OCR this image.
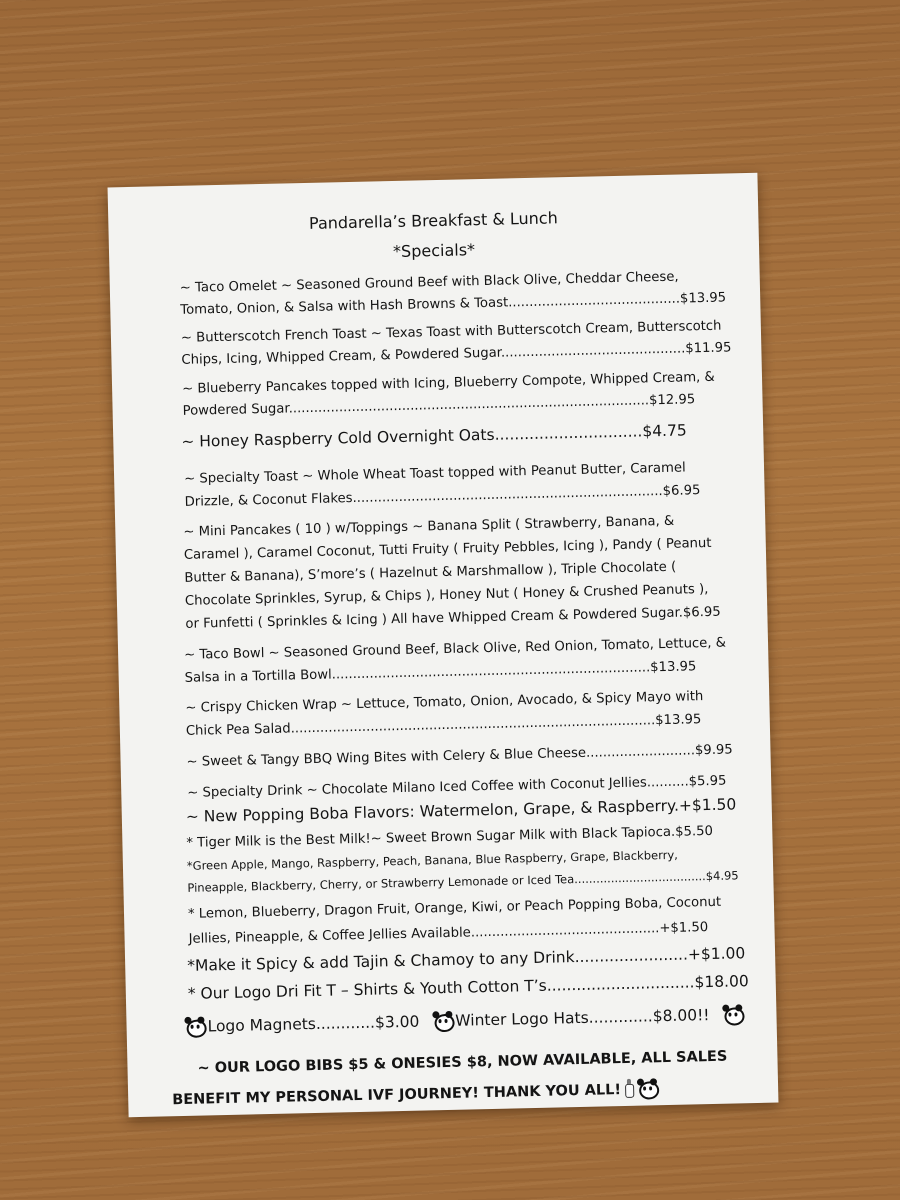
Pandarella’s Breakfast & Lunch
*Specials*
~ Taco Omelet ~ Seasoned Ground Beef with Black Olive, Cheddar Cheese,
Tomato, Onion, & Salsa with Hash Browns & Toast.........................................$13.95
~ Butterscotch French Toast ~ Texas Toast with Butterscotch Cream, Butterscotch
Chips, Icing, Whipped Cream, & Powdered Sugar............................................$11.95
~ Blueberry Pancakes topped with Icing, Blueberry Compote, Whipped Cream, &
Powdered Sugar......................................................................................$12.95
~ Honey Raspberry Cold Overnight Oats..............................$4.75
~ Specialty Toast ~ Whole Wheat Toast topped with Peanut Butter, Caramel
Drizzle, & Coconut Flakes..........................................................................$6.95
~ Mini Pancakes ( 10 ) w/Toppings ~ Banana Split ( Strawberry, Banana, &
Caramel ), Caramel Coconut, Tutti Fruity ( Fruity Pebbles, Icing ), Pandy ( Peanut
Butter & Banana), S’more’s ( Hazelnut & Marshmallow ), Triple Chocolate (
Chocolate Sprinkles, Syrup, & Chips ), Honey Nut ( Honey & Crushed Peanuts ),
or Funfetti ( Sprinkles & Icing ) All have Whipped Cream & Powdered Sugar.$6.95
~ Taco Bowl ~ Seasoned Ground Beef, Black Olive, Red Onion, Tomato, Lettuce, &
Salsa in a Tortilla Bowl............................................................................$13.95
~ Crispy Chicken Wrap ~ Lettuce, Tomato, Onion, Avocado, & Spicy Mayo with
Chick Pea Salad.......................................................................................$13.95
~ Sweet & Tangy BBQ Wing Bites with Celery & Blue Cheese..........................$9.95
~ Specialty Drink ~ Chocolate Milano Iced Coffee with Coconut Jellies..........$5.95
~ New Popping Boba Flavors: Watermelon, Grape, & Raspberry.+$1.50
* Tiger Milk is the Best Milk!~ Sweet Brown Sugar Milk with Black Tapioca.$5.50
*Green Apple, Mango, Raspberry, Peach, Banana, Blue Raspberry, Grape, Blackberry,
Pineapple, Blackberry, Cherry, or Strawberry Lemonade or Iced Tea....................................$4.95
* Lemon, Blueberry, Dragon Fruit, Orange, Kiwi, or Peach Popping Boba, Coconut
Jellies, Pineapple, & Coffee Jellies Available.............................................+$1.50
*Make it Spicy & add Tajin & Chamoy to any Drink.......................+$1.00
* Our Logo Dri Fit T – Shirts & Youth Cotton T’s..............................$18.00
Logo Magnets............$3.00 Winter Logo Hats.............$8.00!!
~ OUR LOGO BIBS $5 & ONESIES $8, NOW AVAILABLE, ALL SALES
BENEFIT MY PERSONAL IVF JOURNEY! THANK YOU ALL!
